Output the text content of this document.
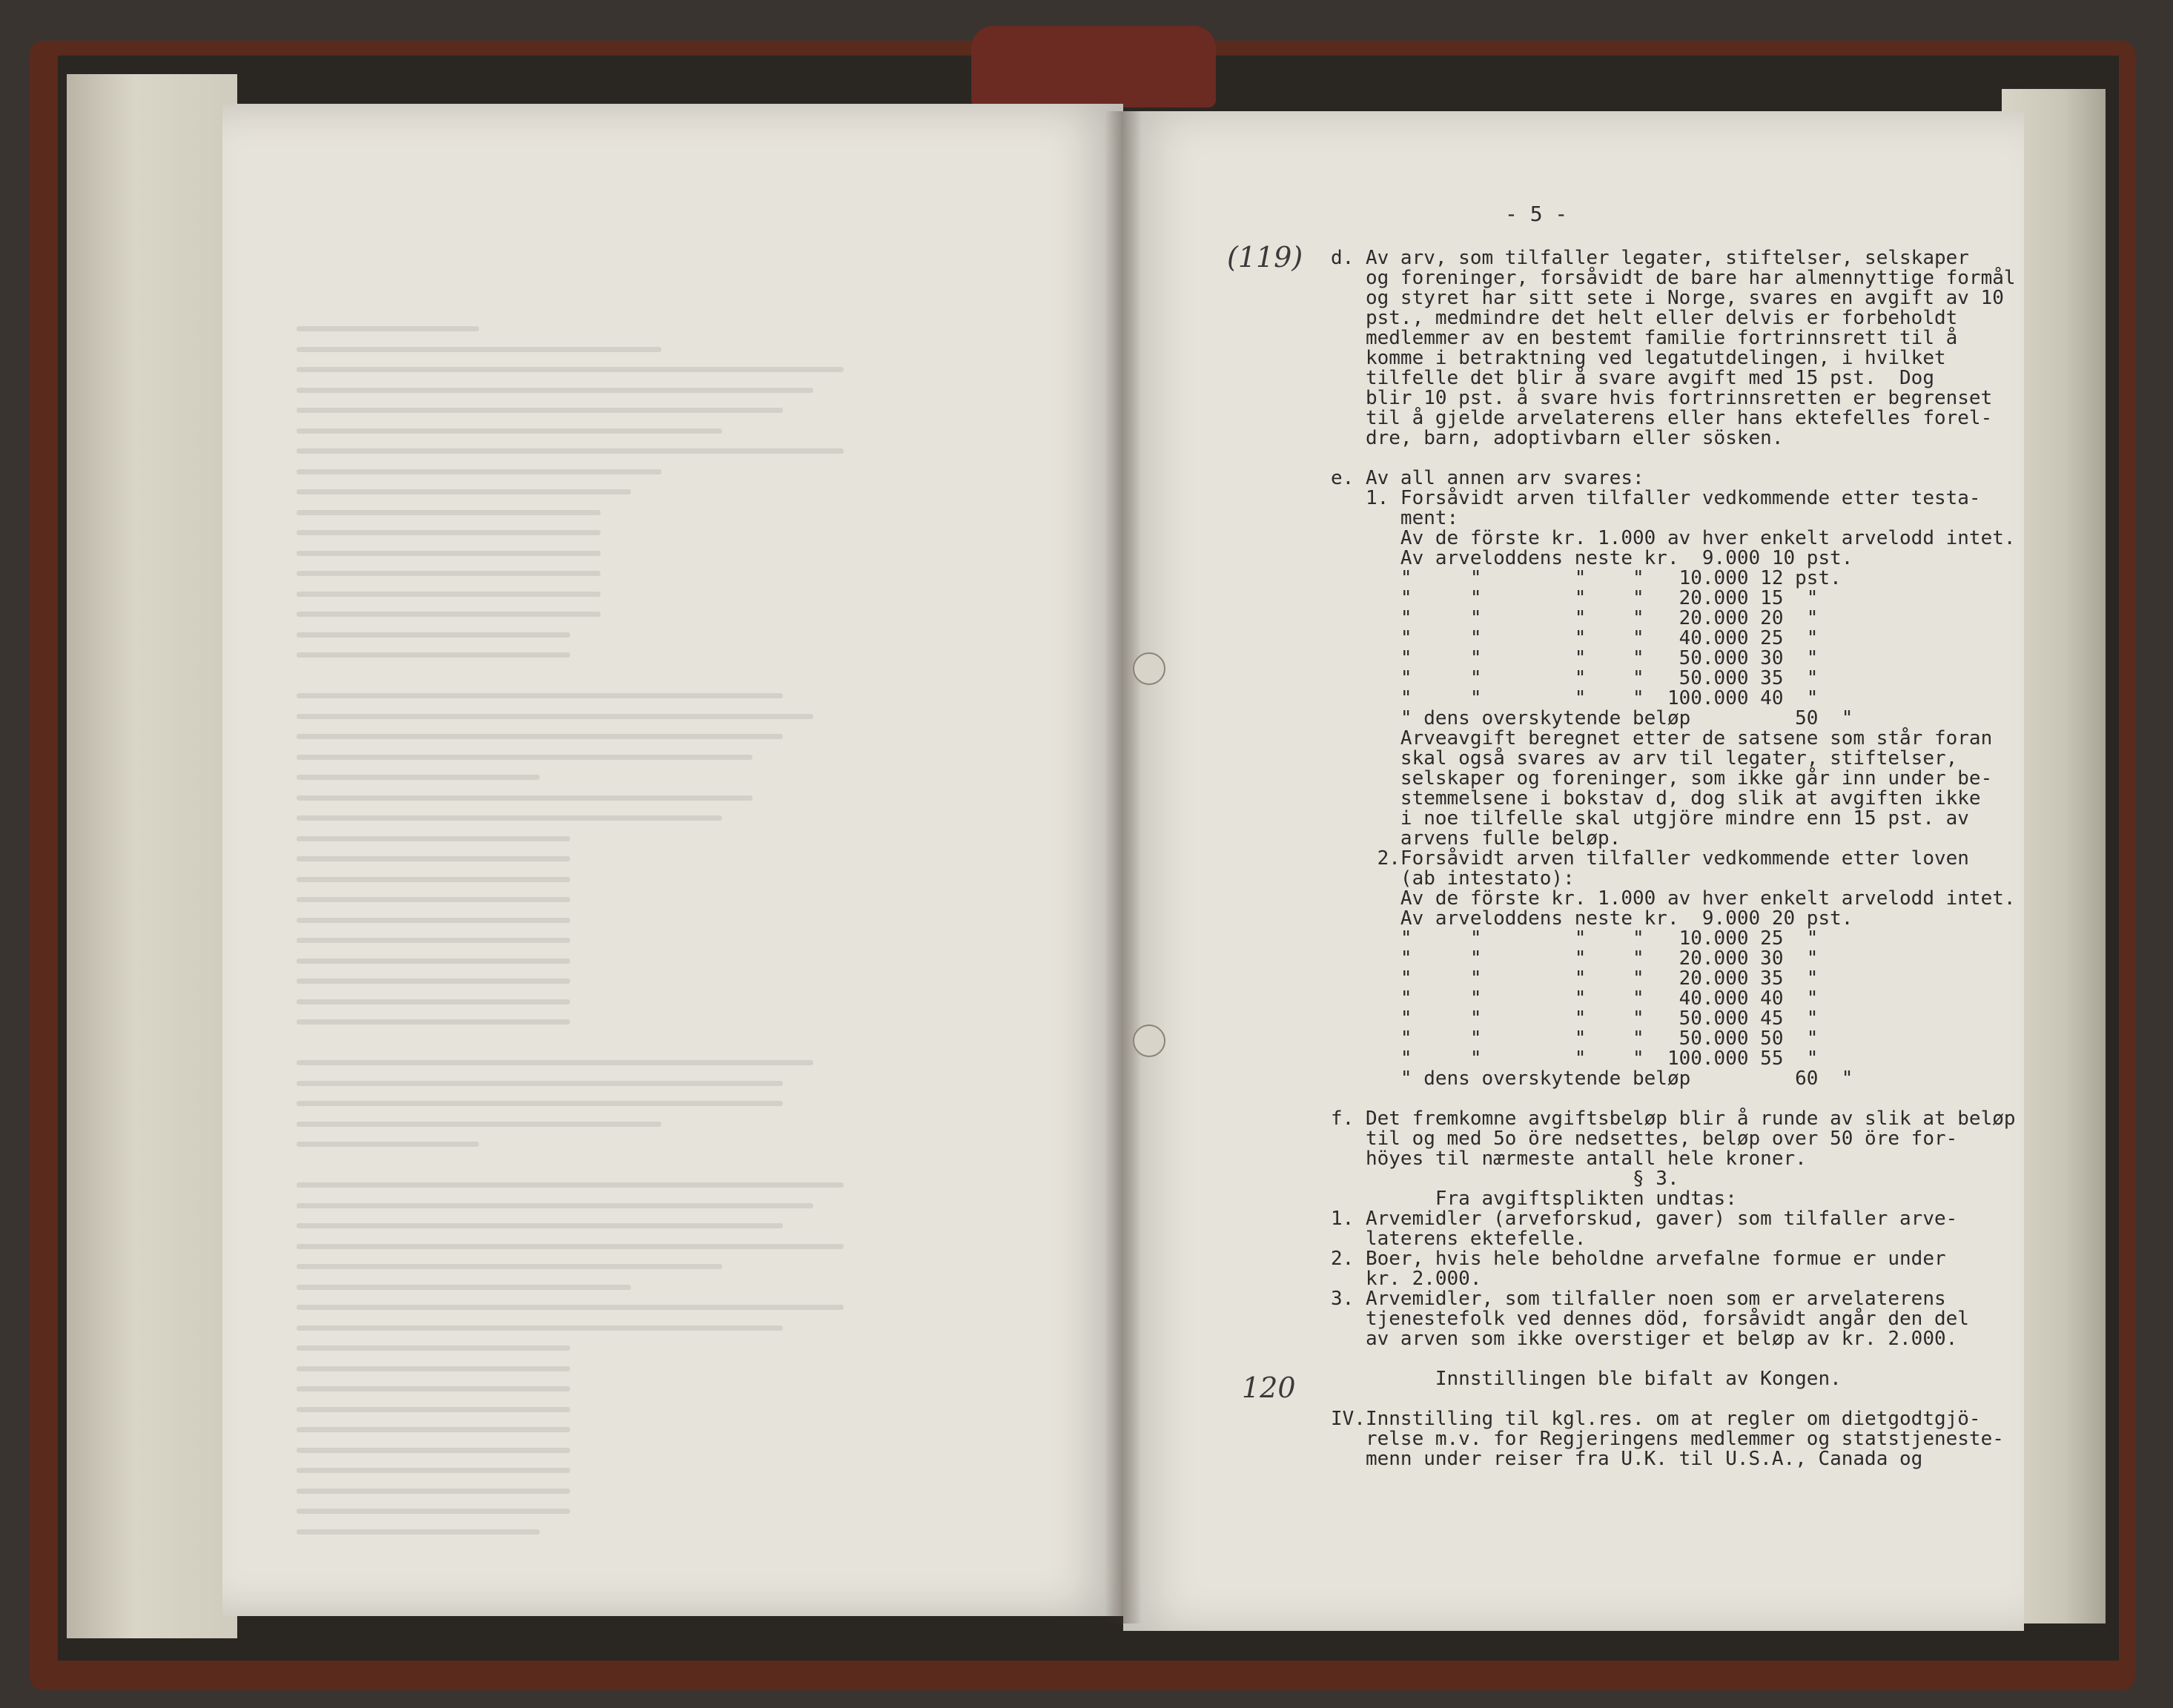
- 5 -
(119)
120
d. Av arv, som tilfaller legater, stiftelser, selskaper
og foreninger, forsåvidt de bare har almennyttige formål
og styret har sitt sete i Norge, svares en avgift av 10
pst., medmindre det helt eller delvis er forbeholdt
medlemmer av en bestemt familie fortrinnsrett til å
komme i betraktning ved legatutdelingen, i hvilket
tilfelle det blir å svare avgift med 15 pst.  Dog
blir 10 pst. å svare hvis fortrinnsretten er begrenset
til å gjelde arvelaterens eller hans ektefelles forel-
dre, barn, adoptivbarn eller sösken.
e. Av all annen arv svares:
1. Forsåvidt arven tilfaller vedkommende etter testa-
ment:
Av de förste kr. 1.000 av hver enkelt arvelodd intet.
Av arveloddens neste kr.  9.000 10 pst.
"     "        "    "   10.000 12 pst.
"     "        "    "   20.000 15  "
"     "        "    "   20.000 20  "
"     "        "    "   40.000 25  "
"     "        "    "   50.000 30  "
"     "        "    "   50.000 35  "
"     "        "    "  100.000 40  "
" dens overskytende beløp         50  "
Arveavgift beregnet etter de satsene som står foran
skal også svares av arv til legater, stiftelser,
selskaper og foreninger, som ikke går inn under be-
stemmelsene i bokstav d, dog slik at avgiften ikke
i noe tilfelle skal utgjöre mindre enn 15 pst. av
arvens fulle beløp.
2.Forsåvidt arven tilfaller vedkommende etter loven
(ab intestato):
Av de förste kr. 1.000 av hver enkelt arvelodd intet.
Av arveloddens neste kr.  9.000 20 pst.
"     "        "    "   10.000 25  "
"     "        "    "   20.000 30  "
"     "        "    "   20.000 35  "
"     "        "    "   40.000 40  "
"     "        "    "   50.000 45  "
"     "        "    "   50.000 50  "
"     "        "    "  100.000 55  "
" dens overskytende beløp         60  "
f. Det fremkomne avgiftsbeløp blir å runde av slik at beløp
til og med 5o öre nedsettes, beløp over 50 öre for-
höyes til nærmeste antall hele kroner.
§ 3.
Fra avgiftsplikten undtas:
1. Arvemidler (arveforskud, gaver) som tilfaller arve-
laterens ektefelle.
2. Boer, hvis hele beholdne arvefalne formue er under
kr. 2.000.
3. Arvemidler, som tilfaller noen som er arvelaterens
tjenestefolk ved dennes död, forsåvidt angår den del
av arven som ikke overstiger et beløp av kr. 2.000.
Innstillingen ble bifalt av Kongen.
IV.Innstilling til kgl.res. om at regler om dietgodtgjö-
relse m.v. for Regjeringens medlemmer og statstjeneste-
menn under reiser fra U.K. til U.S.A., Canada og
